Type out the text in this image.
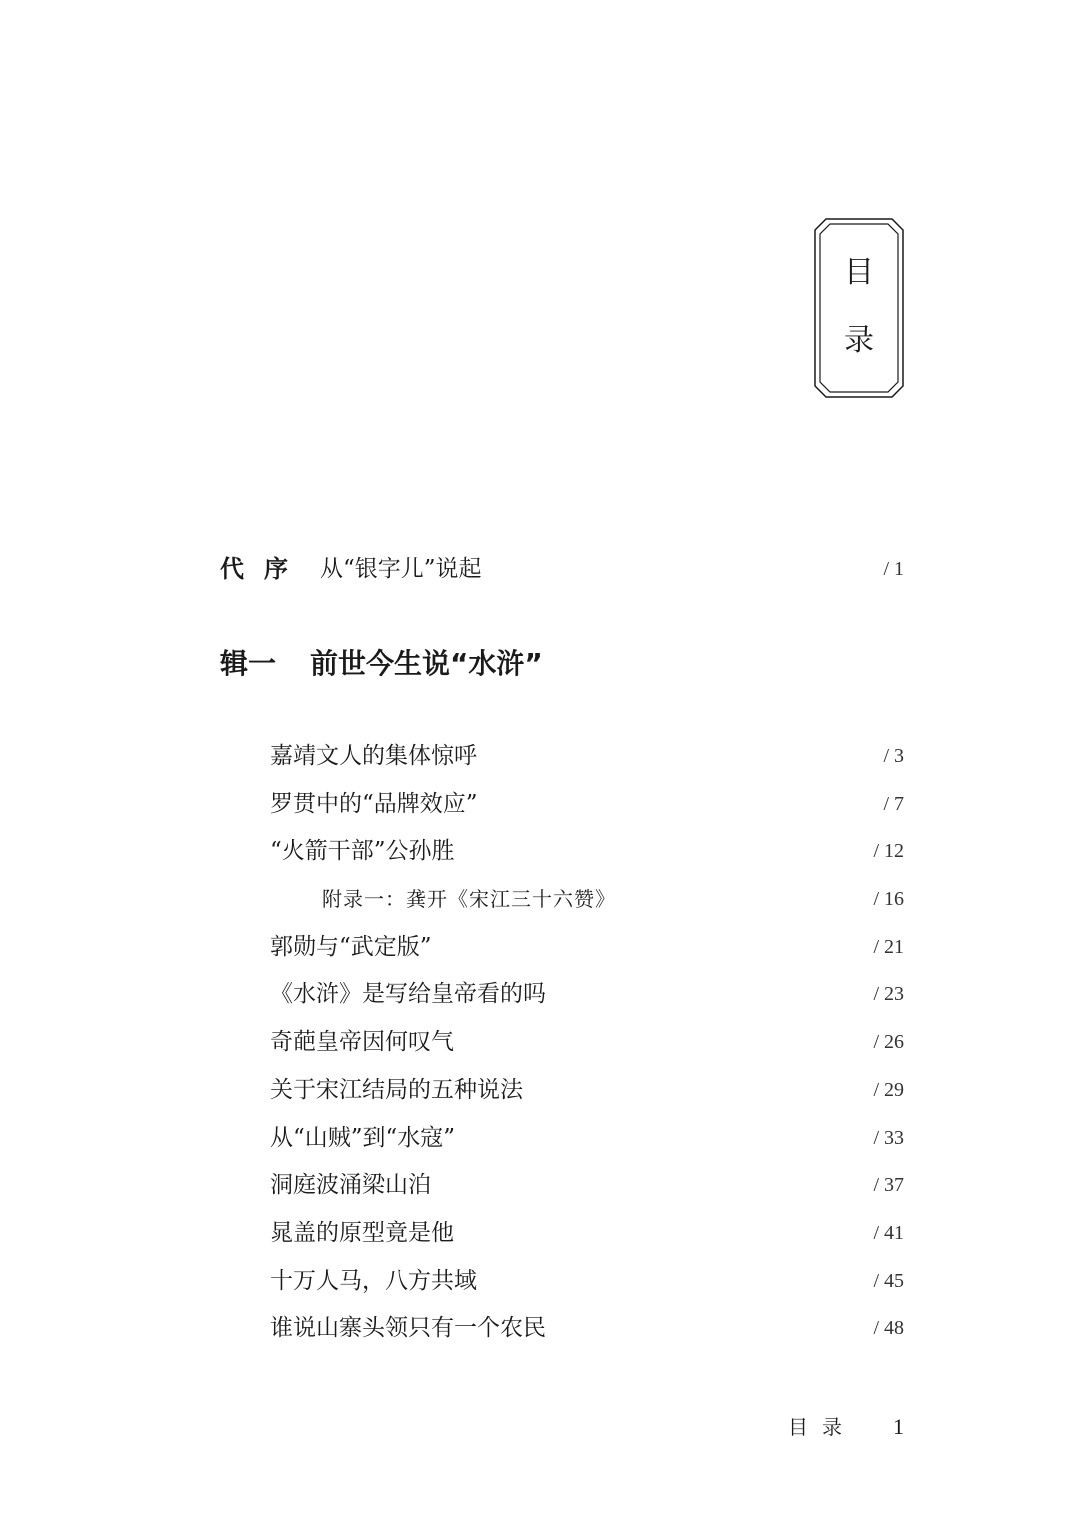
目
录
代序 从“银字儿”说起	/ 1
辑一 前世今生说“水浒”
嘉靖文人的集体惊呼	/ 3
罗贯中的“品牌效应”	/ 7
“火箭干部”公孙胜	/ 12
附录一：龚开《宋江三十六赞》	/ 16
郭勋与“武定版”	/ 21
《水浒》是写给皇帝看的吗	/ 23
奇葩皇帝因何叹气	/ 26
关于宋江结局的五种说法	/ 29
从“山贼”到“水寇”	/ 33
洞庭波涌梁山泊	/ 37
晁盖的原型竟是他	/ 41
十万人马，八方共域	/ 45
谁说山寨头领只有一个农民	/ 48
目录 1
